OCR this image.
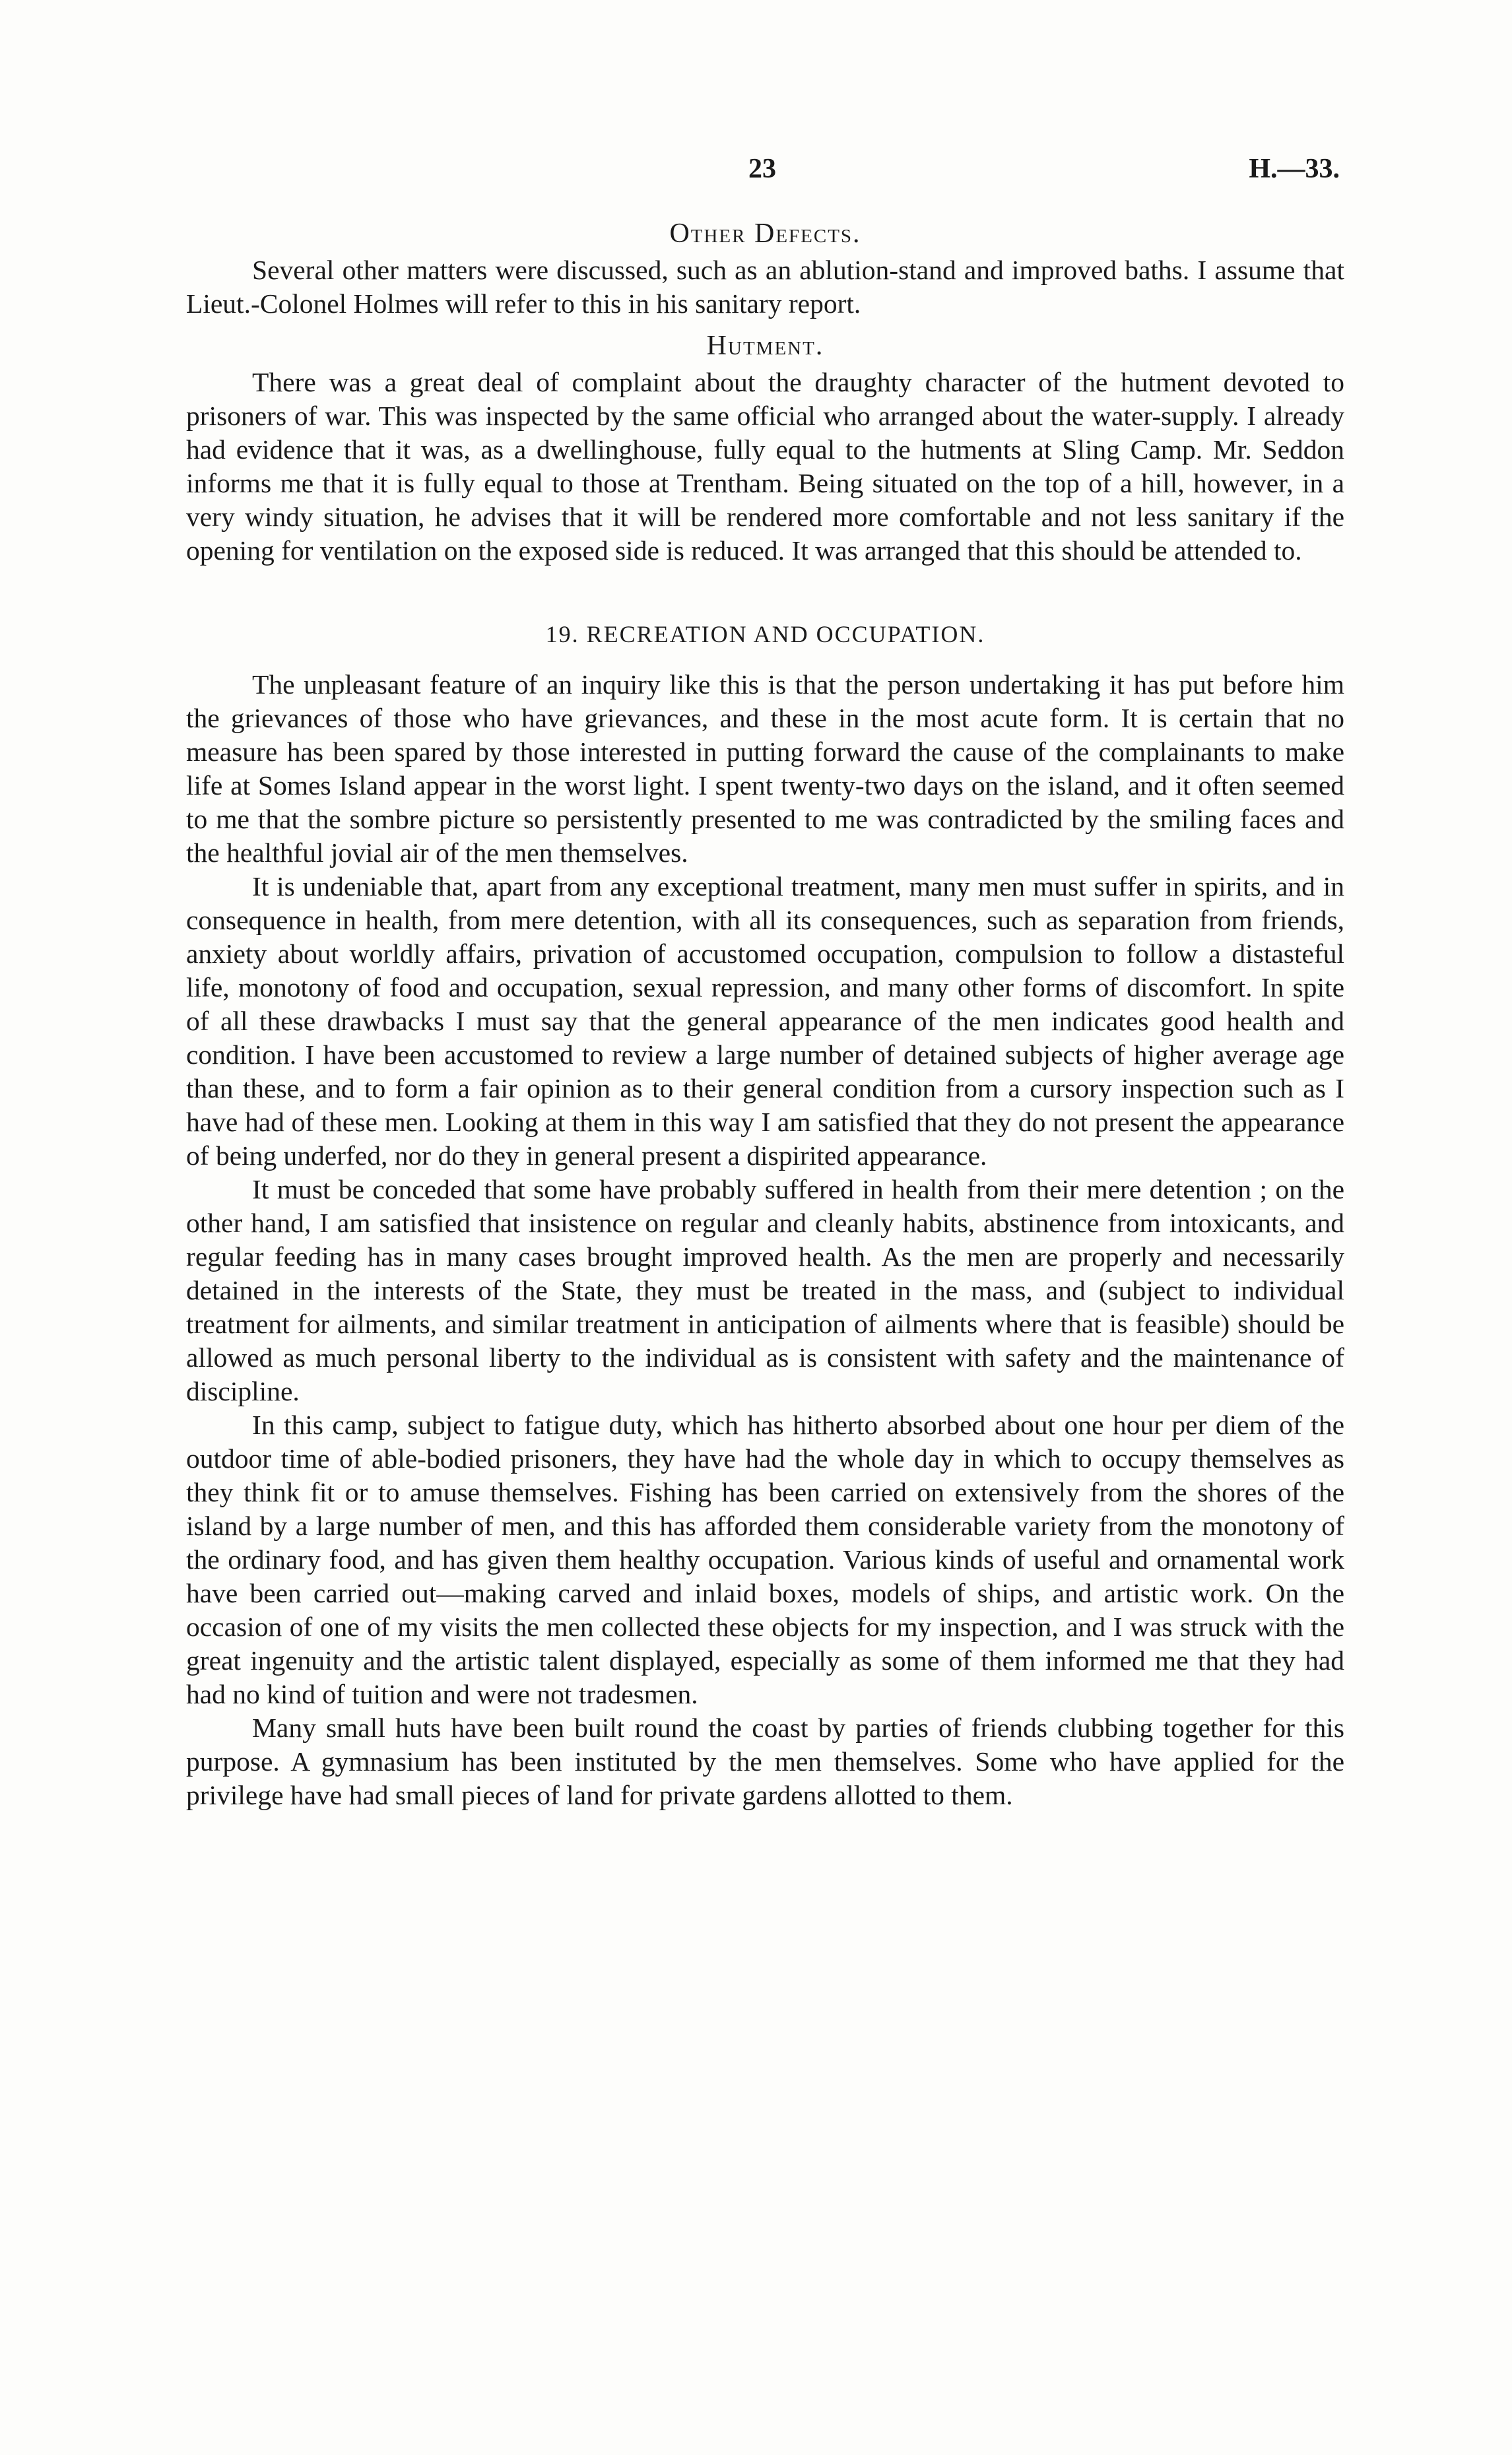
23	H.—33.
Other Defects.

Several other matters were discussed, such as an ablution-stand and improved baths. I assume that Lieut.-Colonel Holmes will refer to this in his sanitary report.

Hutment.

There was a great deal of complaint about the draughty character of the hutment devoted to prisoners of war. This was inspected by the same official who arranged about the water-supply. I already had evidence that it was, as a dwellinghouse, fully equal to the hutments at Sling Camp. Mr. Seddon informs me that it is fully equal to those at Trentham. Being situated on the top of a hill, however, in a very windy situation, he advises that it will be rendered more comfortable and not less sanitary if the opening for ventilation on the exposed side is reduced. It was arranged that this should be attended to.

19. RECREATION AND OCCUPATION.

The unpleasant feature of an inquiry like this is that the person undertaking it has put before him the grievances of those who have grievances, and these in the most acute form. It is certain that no measure has been spared by those interested in putting forward the cause of the complainants to make life at Somes Island appear in the worst light. I spent twenty-two days on the island, and it often seemed to me that the sombre picture so persistently presented to me was contradicted by the smiling faces and the healthful jovial air of the men themselves.

It is undeniable that, apart from any exceptional treatment, many men must suffer in spirits, and in consequence in health, from mere detention, with all its consequences, such as separation from friends, anxiety about worldly affairs, privation of accustomed occupation, compulsion to follow a distasteful life, monotony of food and occupation, sexual repression, and many other forms of discomfort. In spite of all these drawbacks I must say that the general appearance of the men indicates good health and condition. I have been accustomed to review a large number of detained subjects of higher average age than these, and to form a fair opinion as to their general condition from a cursory inspection such as I have had of these men. Looking at them in this way I am satisfied that they do not present the appearance of being underfed, nor do they in general present a dispirited appearance.

It must be conceded that some have probably suffered in health from their mere detention ; on the other hand, I am satisfied that insistence on regular and cleanly habits, abstinence from intoxicants, and regular feeding has in many cases brought improved health. As the men are properly and necessarily detained in the interests of the State, they must be treated in the mass, and (subject to individual treatment for ailments, and similar treatment in anticipation of ailments where that is feasible) should be allowed as much personal liberty to the individual as is consistent with safety and the maintenance of discipline.

In this camp, subject to fatigue duty, which has hitherto absorbed about one hour per diem of the outdoor time of able-bodied prisoners, they have had the whole day in which to occupy themselves as they think fit or to amuse themselves. Fishing has been carried on extensively from the shores of the island by a large number of men, and this has afforded them considerable variety from the monotony of the ordinary food, and has given them healthy occupation. Various kinds of useful and ornamental work have been carried out—making carved and inlaid boxes, models of ships, and artistic work. On the occasion of one of my visits the men collected these objects for my inspection, and I was struck with the great ingenuity and the artistic talent displayed, especially as some of them informed me that they had had no kind of tuition and were not tradesmen.

Many small huts have been built round the coast by parties of friends clubbing together for this purpose. A gymnasium has been instituted by the men themselves. Some who have applied for the privilege have had small pieces of land for private gardens allotted to them.
